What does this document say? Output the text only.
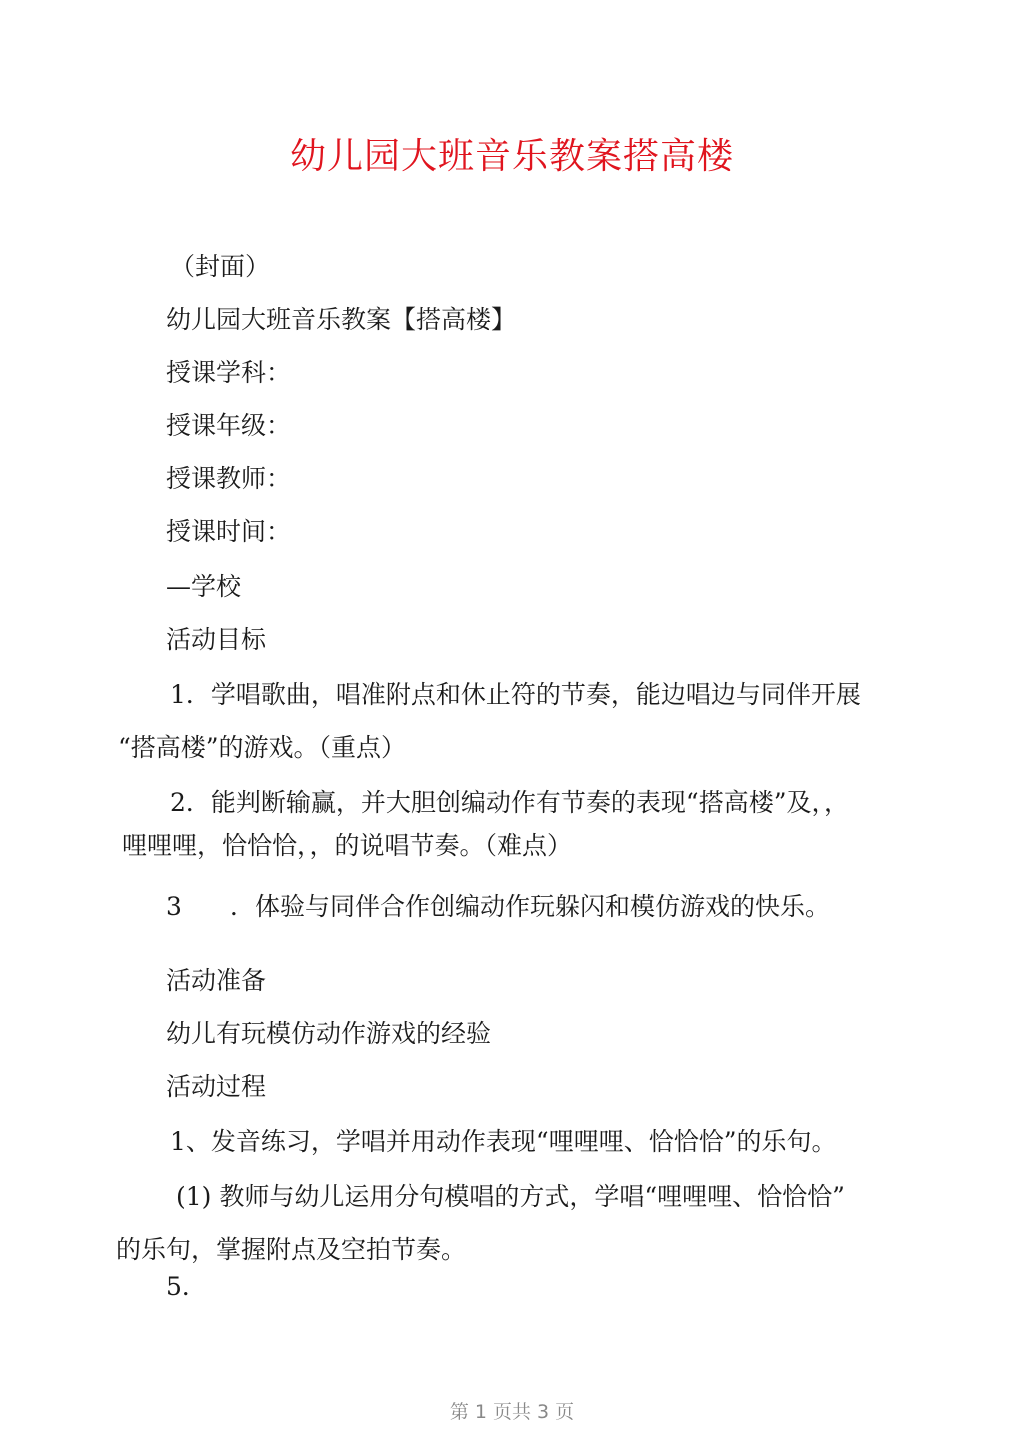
幼儿园大班音乐教案搭高楼
（封面）
幼儿园大班音乐教案【搭高楼】
授课学科：
授课年级：
授课教师：
授课时间：
—学校
活动目标
1．学唱歌曲，唱准附点和休止符的节奏，能边唱边与同伴开展
“搭高楼”的游戏。（重点）
2．能判断输赢，并大胆创编动作有节奏的表现“搭高楼”及，，
哩哩哩，恰恰恰，，的说唱节奏。（难点）
3 ．体验与同伴合作创编动作玩躲闪和模仿游戏的快乐。
活动准备
幼儿有玩模仿动作游戏的经验
活动过程
1、发音练习，学唱并用动作表现“哩哩哩、恰恰恰”的乐句。
(1) 教师与幼儿运用分句模唱的方式，学唱“哩哩哩、恰恰恰”
的乐句，掌握附点及空拍节奏。
5．
第 1 页共 3 页
